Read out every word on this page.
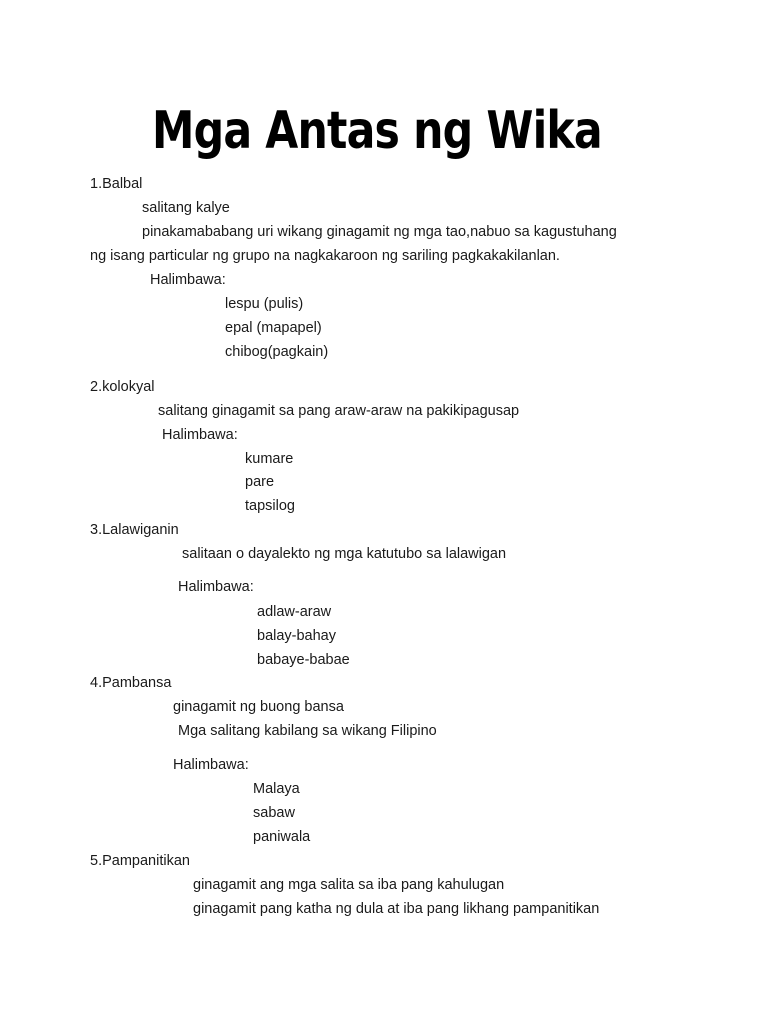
Mga Antas ng Wika
1.Balbal
salitang kalye
pinakamababang uri wikang ginagamit ng mga tao,nabuo sa kagustuhang
ng isang particular ng grupo na nagkakaroon ng sariling pagkakakilanlan.
Halimbawa:
lespu (pulis)
epal (mapapel)
chibog(pagkain)
2.kolokyal
salitang ginagamit sa pang araw-araw na pakikipagusap
Halimbawa:
kumare
pare
tapsilog
3.Lalawiganin
salitaan o dayalekto ng mga katutubo sa lalawigan
Halimbawa:
adlaw-araw
balay-bahay
babaye-babae
4.Pambansa
ginagamit ng buong bansa
Mga salitang kabilang sa wikang Filipino
Halimbawa:
Malaya
sabaw
paniwala
5.Pampanitikan
ginagamit ang mga salita sa iba pang kahulugan
ginagamit pang katha ng dula at iba pang likhang pampanitikan
